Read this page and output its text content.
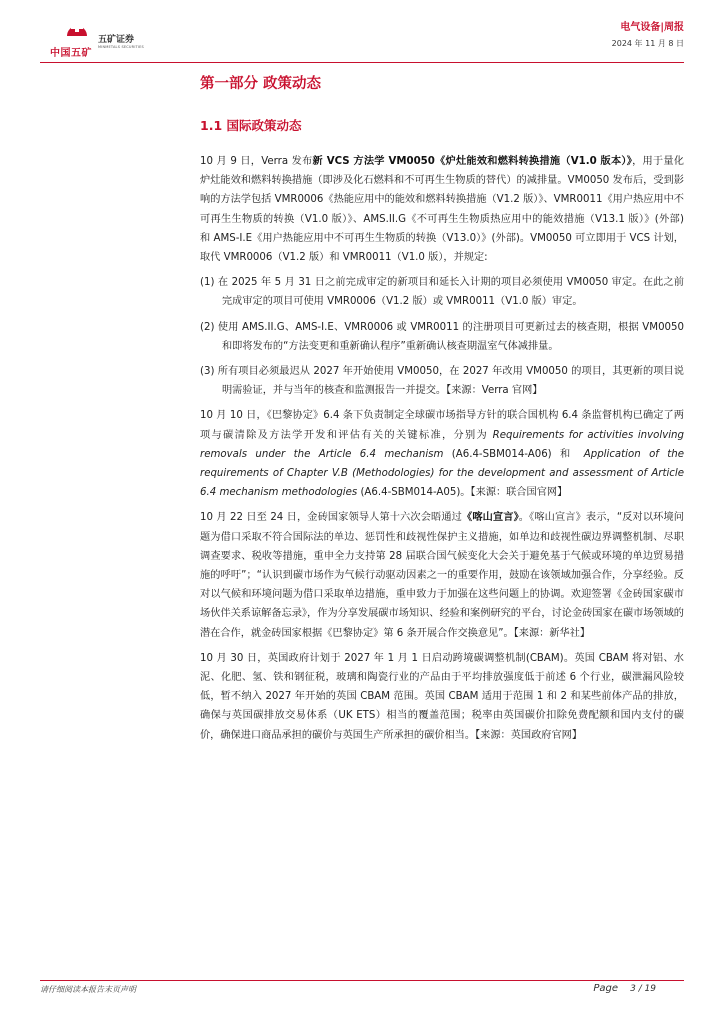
中国五矿
五矿证券
MINMETALS SECURITIES
电气设备|周报
2024 年 11 月 8 日
第一部分 政策动态
1.1 国际政策动态

10 月 9 日，Verra 发布新 VCS 方法学 VM0050《炉灶能效和燃料转换措施（V1.0 版本）》，用于量化炉灶能效和燃料转换措施（即涉及化石燃料和不可再生生物质的替代）的减排量。VM0050 发布后，受到影响的方法学包括 VMR0006《热能应用中的能效和燃料转换措施（V1.2 版）》、VMR0011《用户热应用中不可再生生物质的转换（V1.0 版）》、AMS.II.G《不可再生生物质热应用中的能效措施（V13.1 版）》(外部) 和 AMS-I.E《用户热能应用中不可再生生物质的转换（V13.0）》(外部)。VM0050 可立即用于 VCS 计划，取代 VMR0006（V1.2 版）和 VMR0011（V1.0 版），并规定:

(1) 在 2025 年 5 月 31 日之前完成审定的新项目和延长入计期的项目必须使用 VM0050 审定。在此之前完成审定的项目可使用 VMR0006（V1.2 版）或 VMR0011（V1.0 版）审定。

(2) 使用 AMS.II.G、AMS-I.E、VMR0006 或 VMR0011 的注册项目可更新过去的核查期，根据 VM0050 和即将发布的“方法变更和重新确认程序”重新确认核查期温室气体减排量。

(3) 所有项目必须最迟从 2027 年开始使用 VM0050，在 2027 年改用 VM0050 的项目，其更新的项目说明需验证，并与当年的核查和监测报告一并提交。【来源：Verra 官网】

10 月 10 日，《巴黎协定》6.4 条下负责制定全球碳市场指导方针的联合国机构 6.4 条监督机构已确定了两项与碳清除及方法学开发和评估有关的关键标准，分别为 Requirements for activities involving removals under the Article 6.4 mechanism (A6.4-SBM014-A06) 和 Application of the requirements of Chapter V.B (Methodologies) for the development and assessment of Article 6.4 mechanism methodologies (A6.4-SBM014-A05)。【来源：联合国官网】

10 月 22 日至 24 日，金砖国家领导人第十六次会晤通过《喀山宣言》。《喀山宣言》表示，“反对以环境问题为借口采取不符合国际法的单边、惩罚性和歧视性保护主义措施，如单边和歧视性碳边界调整机制、尽职调查要求、税收等措施，重申全力支持第 28 届联合国气候变化大会关于避免基于气候或环境的单边贸易措施的呼吁”；“认识到碳市场作为气候行动驱动因素之一的重要作用，鼓励在该领域加强合作，分享经验。反对以气候和环境问题为借口采取单边措施，重申致力于加强在这些问题上的协调。欢迎签署《金砖国家碳市场伙伴关系谅解备忘录》，作为分享发展碳市场知识、经验和案例研究的平台，讨论金砖国家在碳市场领域的潜在合作，就金砖国家根据《巴黎协定》第 6 条开展合作交换意见”。【来源：新华社】

10 月 30 日，英国政府计划于 2027 年 1 月 1 日启动跨境碳调整机制(CBAM)。英国 CBAM 将对铝、水泥、化肥、氢、铁和钢征税，玻璃和陶瓷行业的产品由于平均排放强度低于前述 6 个行业，碳泄漏风险较低，暂不纳入 2027 年开始的英国 CBAM 范围。英国 CBAM 适用于范围 1 和 2 和某些前体产品的排放，确保与英国碳排放交易体系（UK ETS）相当的覆盖范围；税率由英国碳价扣除免费配额和国内支付的碳价，确保进口商品承担的碳价与英国生产所承担的碳价相当。【来源：英国政府官网】

请仔细阅读本报告末页声明	Page 3 / 19
